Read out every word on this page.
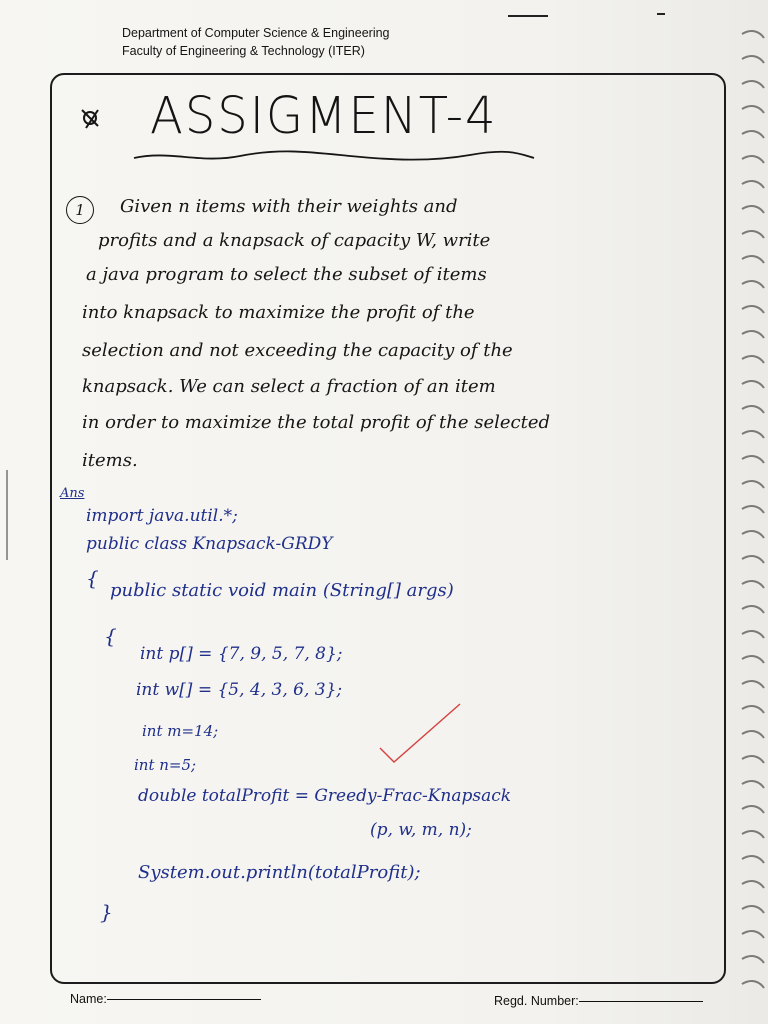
Department of Computer Science & Engineering
Faculty of Engineering & Technology (ITER)
ASSIGMENT-4
1	Given n items with their weights and
profits and a knapsack of capacity W, write
a java program to select the subset of items
into knapsack to maximize the profit of the
selection and not exceeding the capacity of the
knapsack. We can select a fraction of an item
in order to maximize the total profit of the selected
items.
Ans
import java.util.*;
public class Knapsack-GRDY
{
public static void main (String[] args)
{
int p[] = {7, 9, 5, 7, 8};
int w[] = {5, 4, 3, 6, 3};
int m=14;
int n=5;
double totalProfit = Greedy-Frac-Knapsack
(p, w, m, n);
System.out.println(totalProfit);
}
Name:	Regd. Number:
